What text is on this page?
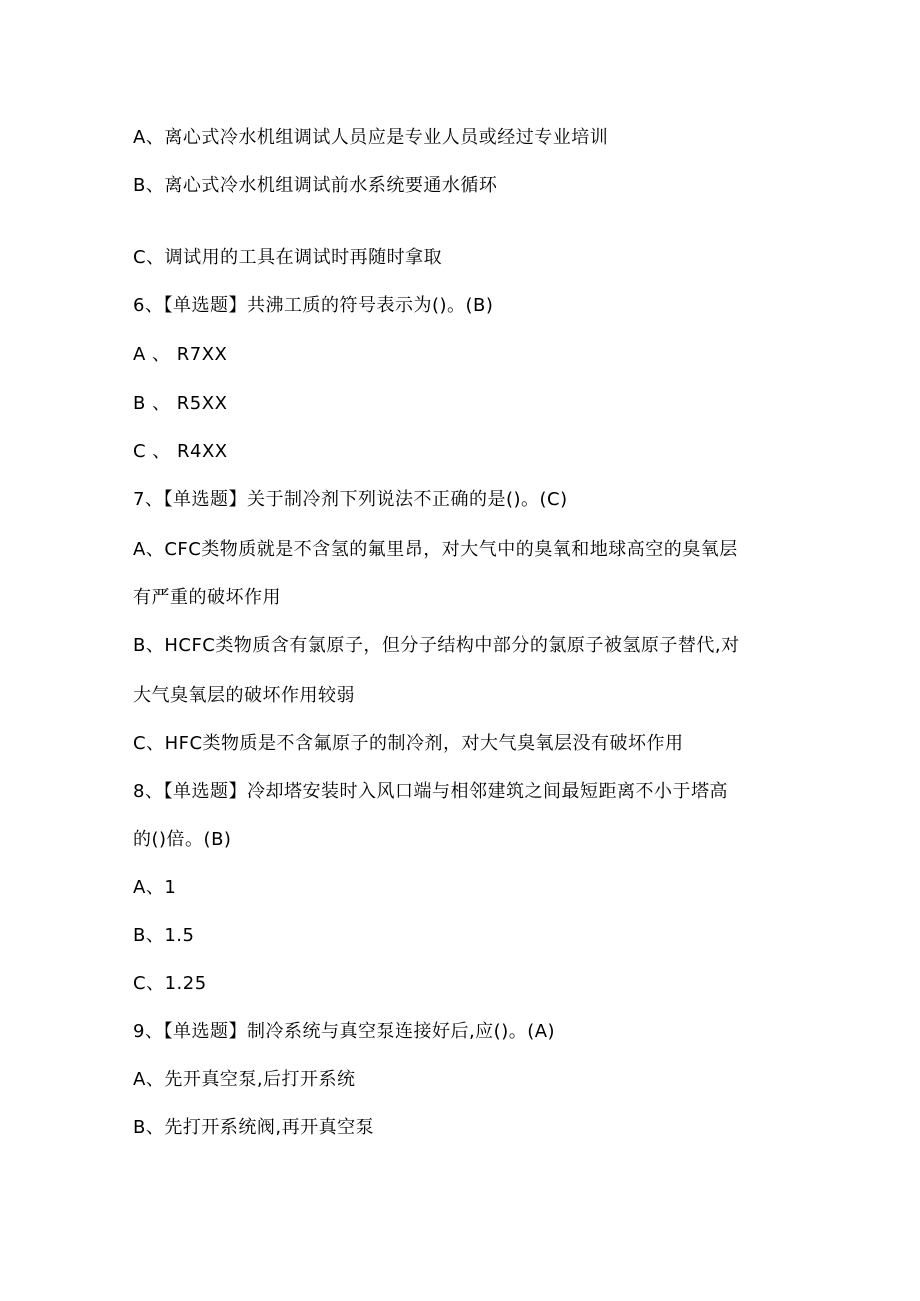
A、离心式冷水机组调试人员应是专业人员或经过专业培训
B、离心式冷水机组调试前水系统要通水循环
C、调试用的工具在调试时再随时拿取
6、【单选题】共沸工质的符号表示为()。(B)
A 、 R7XX
B 、 R5XX
C 、 R4XX
7、【单选题】关于制冷剂下列说法不正确的是()。(C)
A、CFC类物质就是不含氢的氟里昂，对大气中的臭氧和地球高空的臭氧层
有严重的破坏作用
B、HCFC类物质含有氯原子，但分子结构中部分的氯原子被氢原子替代,对
大气臭氧层的破坏作用较弱
C、HFC类物质是不含氟原子的制冷剂，对大气臭氧层没有破坏作用
8、【单选题】冷却塔安装时入风口端与相邻建筑之间最短距离不小于塔高
的()倍。(B)
A、1
B、1.5
C、1.25
9、【单选题】制冷系统与真空泵连接好后,应()。(A)
A、先开真空泵,后打开系统
B、先打开系统阀,再开真空泵
